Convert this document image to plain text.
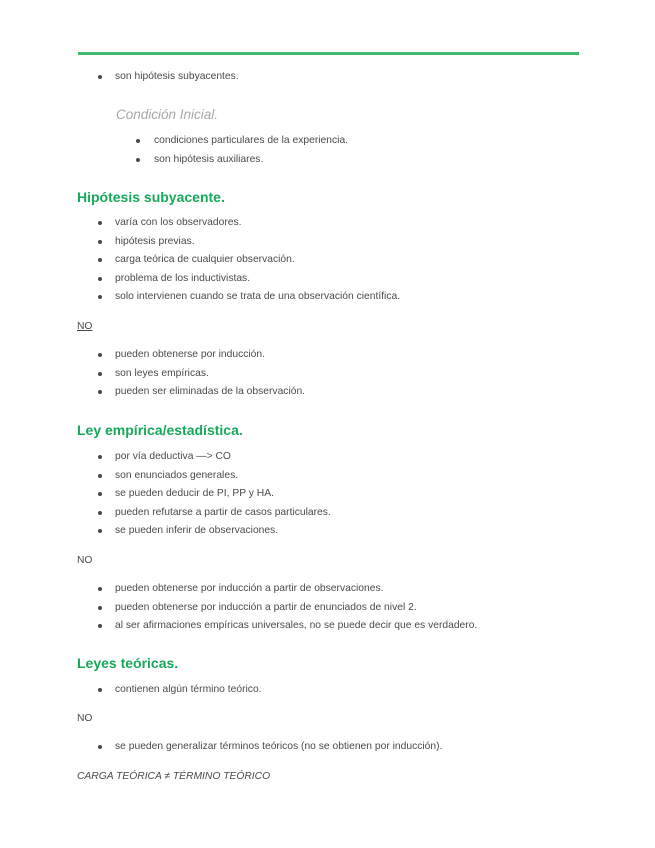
son hipótesis subyacentes.
Condición Inicial.
condiciones particulares de la experiencia.
son hipótesis auxiliares.
Hipótesis subyacente.
varía con los observadores.
hipótesis previas.
carga teórica de cualquier observación.
problema de los inductivistas.
solo intervienen cuando se trata de una observación científica.
NO
pueden obtenerse por inducción.
son leyes empíricas.
pueden ser eliminadas de la observación.
Ley empírica/estadística.
por vía deductiva —> CO
son enunciados generales.
se pueden deducir de PI, PP y HA.
pueden refutarse a partir de casos particulares.
se pueden inferir de observaciones.
NO
pueden obtenerse por inducción a partir de observaciones.
pueden obtenerse por inducción a partir de enunciados de nivel 2.
al ser afirmaciones empíricas universales, no se puede decir que es verdadero.
Leyes teóricas.
contienen algún término teórico.
NO
se pueden generalizar términos teóricos (no se obtienen por inducción).
CARGA TEÓRICA ≠ TÉRMINO TEÓRICO
